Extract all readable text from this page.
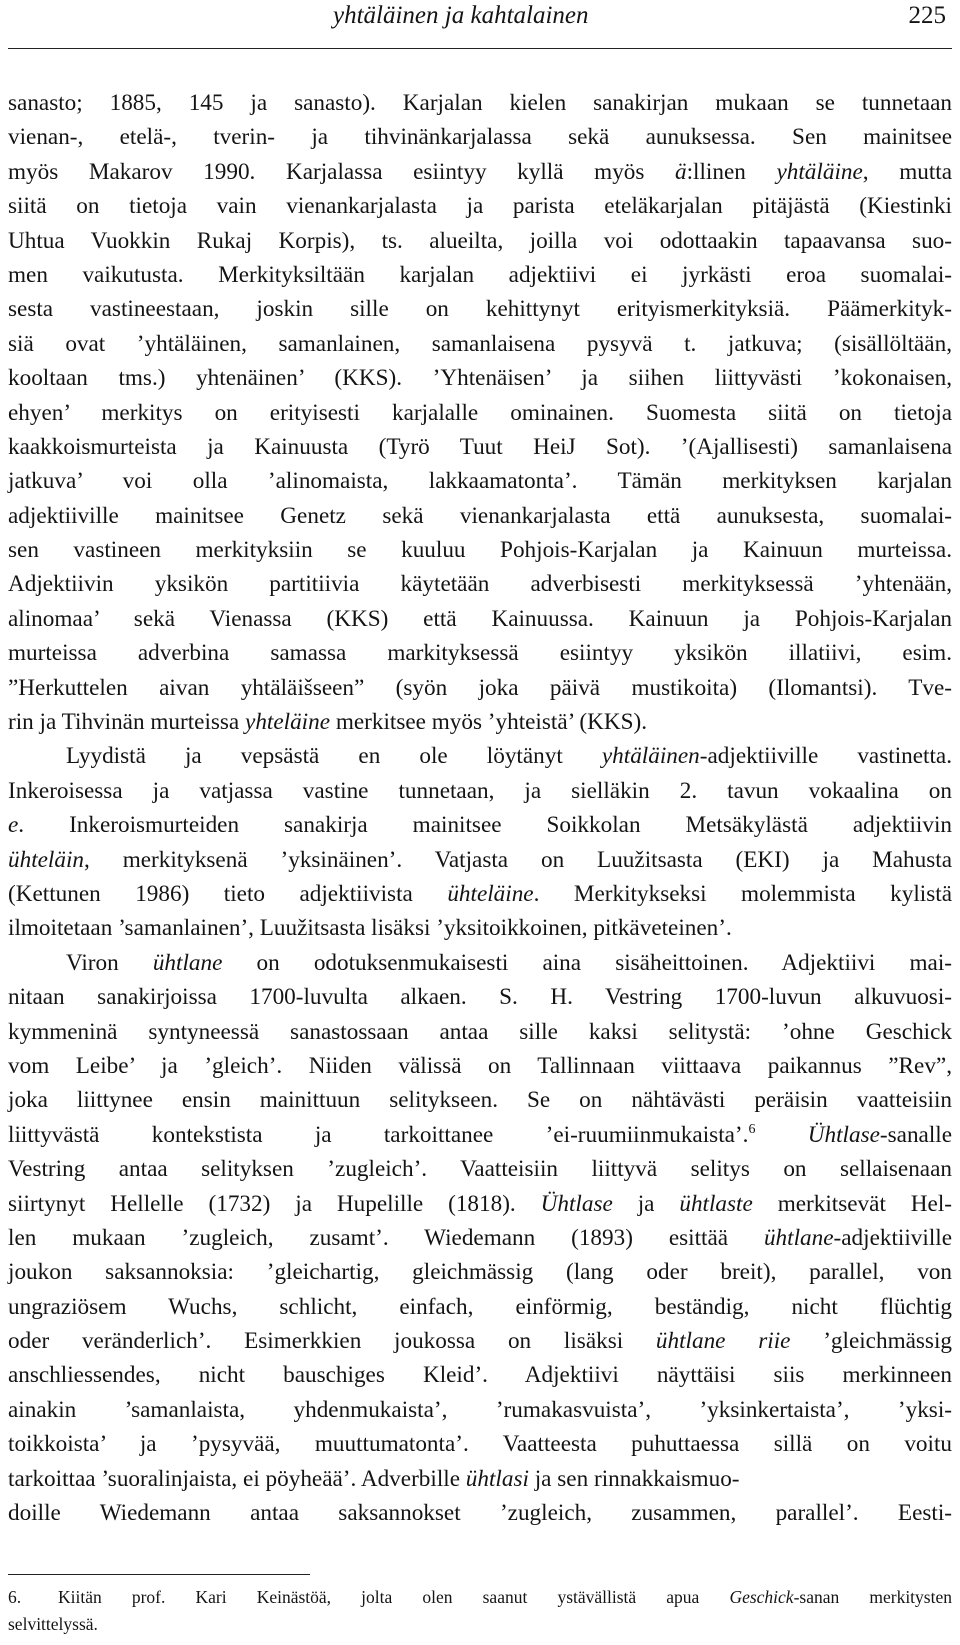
yhtäläinen ja kahtalainen	225
sanasto; 1885, 145 ja sanasto). Karjalan kielen sanakirjan mukaan se tunnetaan
vienan-, etelä-, tverin- ja tihvinänkarjalassa sekä aunuksessa. Sen mainitsee
myös Makarov 1990. Karjalassa esiintyy kyllä myös ä:llinen yhtäläine, mutta
siitä on tietoja vain vienankarjalasta ja parista eteläkarjalan pitäjästä (Kiestinki
Uhtua Vuokkin Rukaj Korpis), ts. alueilta, joilla voi odottaakin tapaavansa suo-
men vaikutusta. Merkityksiltään karjalan adjektiivi ei jyrkästi eroa suomalai-
sesta vastineestaan, joskin sille on kehittynyt erityismerkityksiä. Päämerkityk-
siä ovat ’yhtäläinen, samanlainen, samanlaisena pysyvä t. jatkuva; (sisällöltään,
kooltaan tms.) yhtenäinen’ (KKS). ’Yhtenäisen’ ja siihen liittyvästi ’kokonaisen,
ehyen’ merkitys on erityisesti karjalalle ominainen. Suomesta siitä on tietoja
kaakkoismurteista ja Kainuusta (Tyrö Tuut HeiJ Sot). ’(Ajallisesti) samanlaisena
jatkuva’ voi olla ’alinomaista, lakkaamatonta’. Tämän merkityksen karjalan
adjektiiville mainitsee Genetz sekä vienankarjalasta että aunuksesta, suomalai-
sen vastineen merkityksiin se kuuluu Pohjois-Karjalan ja Kainuun murteissa.
Adjektiivin yksikön partitiivia käytetään adverbisesti merkityksessä ’yhtenään,
alinomaa’ sekä Vienassa (KKS) että Kainuussa. Kainuun ja Pohjois-Karjalan
murteissa adverbina samassa markityksessä esiintyy yksikön illatiivi, esim.
”Herkuttelen aivan yhtäläišseen” (syön joka päivä mustikoita) (Ilomantsi). Tve-
rin ja Tihvinän murteissa yhteläine merkitsee myös ’yhteistä’ (KKS).
Lyydistä ja vepsästä en ole löytänyt yhtäläinen-adjektiiville vastinetta.
Inkeroisessa ja vatjassa vastine tunnetaan, ja sielläkin 2. tavun vokaalina on
e. Inkeroismurteiden sanakirja mainitsee Soikkolan Metsäkylästä adjektiivin
ühteläin, merkityksenä ’yksinäinen’. Vatjasta on Luužitsasta (EKI) ja Mahusta
(Kettunen 1986) tieto adjektiivista ühteläine. Merkitykseksi molemmista kylistä
ilmoitetaan ’samanlainen’, Luužitsasta lisäksi ’yksitoikkoinen, pitkäveteinen’.
Viron ühtlane on odotuksenmukaisesti aina sisäheittoinen. Adjektiivi mai-
nitaan sanakirjoissa 1700-luvulta alkaen. S. H. Vestring 1700-luvun alkuvuosi-
kymmeninä syntyneessä sanastossaan antaa sille kaksi selitystä: ’ohne Geschick
vom Leibe’ ja ’gleich’. Niiden välissä on Tallinnaan viittaava paikannus ”Rev”,
joka liittynee ensin mainittuun selitykseen. Se on nähtävästi peräisin vaatteisiin
liittyvästä kontekstista ja tarkoittanee ’ei-ruumiinmukaista’.$^6$ Ühtlase-sanalle
Vestring antaa selityksen ’zugleich’. Vaatteisiin liittyvä selitys on sellaisenaan
siirtynyt Hellelle (1732) ja Hupelille (1818). Ühtlase ja ühtlaste merkitsevät Hel-
len mukaan ’zugleich, zusamt’. Wiedemann (1893) esittää ühtlane-adjektiiville
joukon saksannoksia: ’gleichartig, gleichmässig (lang oder breit), parallel, von
ungraziösem Wuchs, schlicht, einfach, einförmig, beständig, nicht flüchtig
oder veränderlich’. Esimerkkien joukossa on lisäksi ühtlane riie ’gleichmässig
anschliessendes, nicht bauschiges Kleid’. Adjektiivi näyttäisi siis merkinneen
ainakin ’samanlaista, yhdenmukaista’, ’rumakasvuista’, ’yksinkertaista’, ’yksi-
toikkoista’ ja ’pysyvää, muuttumatonta’. Vaatteesta puhuttaessa sillä on voitu
tarkoittaa ’suoralinjaista, ei pöyheää’. Adverbille ühtlasi ja sen rinnakkaismuo-
doille Wiedemann antaa saksannokset ’zugleich, zusammen, parallel’. Eesti-
6. Kiitän prof. Kari Keinästöä, jolta olen saanut ystävällistä apua Geschick-sanan merkitysten
selvittelyssä.
